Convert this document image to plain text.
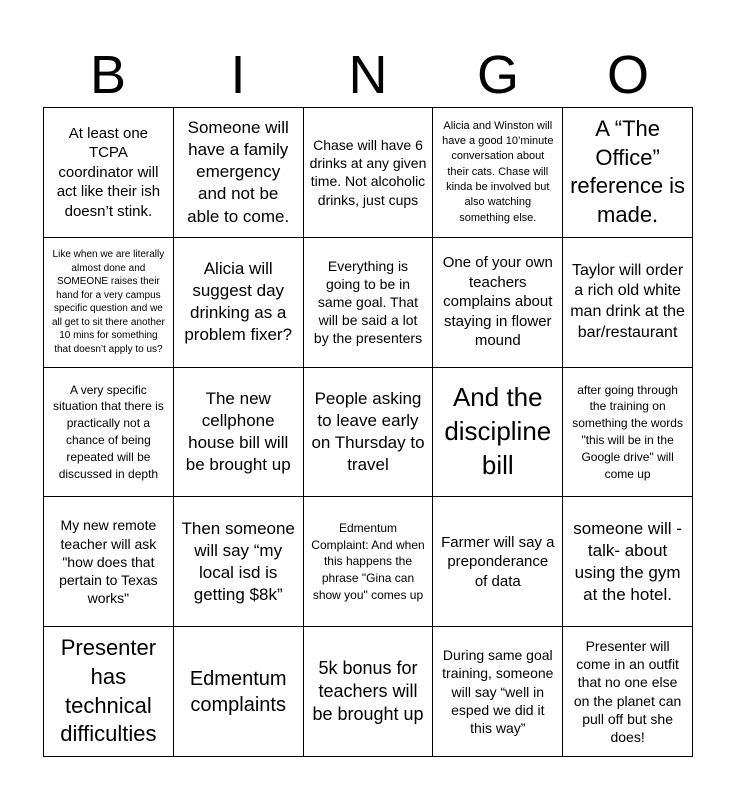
B	I	N	G	O
At least one TCPA coordinator will act like their ish doesn’t stink.
Someone will have a family emergency and not be able to come.
Chase will have 6 drinks at any given time. Not alcoholic drinks, just cups
Alicia and Winston will have a good 10’minute conversation about their cats. Chase will kinda be involved but also watching something else.
A “The Office” reference is made.
Like when we are literally almost done and SOMEONE raises their hand for a very campus specific question and we all get to sit there another 10 mins for something that doesn’t apply to us?
Alicia will suggest day drinking as a problem fixer?
Everything is going to be in same goal. That will be said a lot by the presenters
One of your own teachers complains about staying in flower mound
Taylor will order a rich old white man drink at the bar/restaurant
A very specific situation that there is practically not a chance of being repeated will be discussed in depth
The new cellphone house bill will be brought up
People asking to leave early on Thursday to travel
And the discipline bill
after going through the training on something the words "this will be in the Google drive" will come up
My new remote teacher will ask "how does that pertain to Texas works"
Then someone will say “my local isd is getting $8k”
Edmentum Complaint: And when this happens the phrase "Gina can show you" comes up
Farmer will say a preponderance of data
someone will -talk- about using the gym at the hotel.
Presenter has technical difficulties
Edmentum complaints
5k bonus for teachers will be brought up
During same goal training, someone will say “well in esped we did it this way”
Presenter will come in an outfit that no one else on the planet can pull off but she does!
